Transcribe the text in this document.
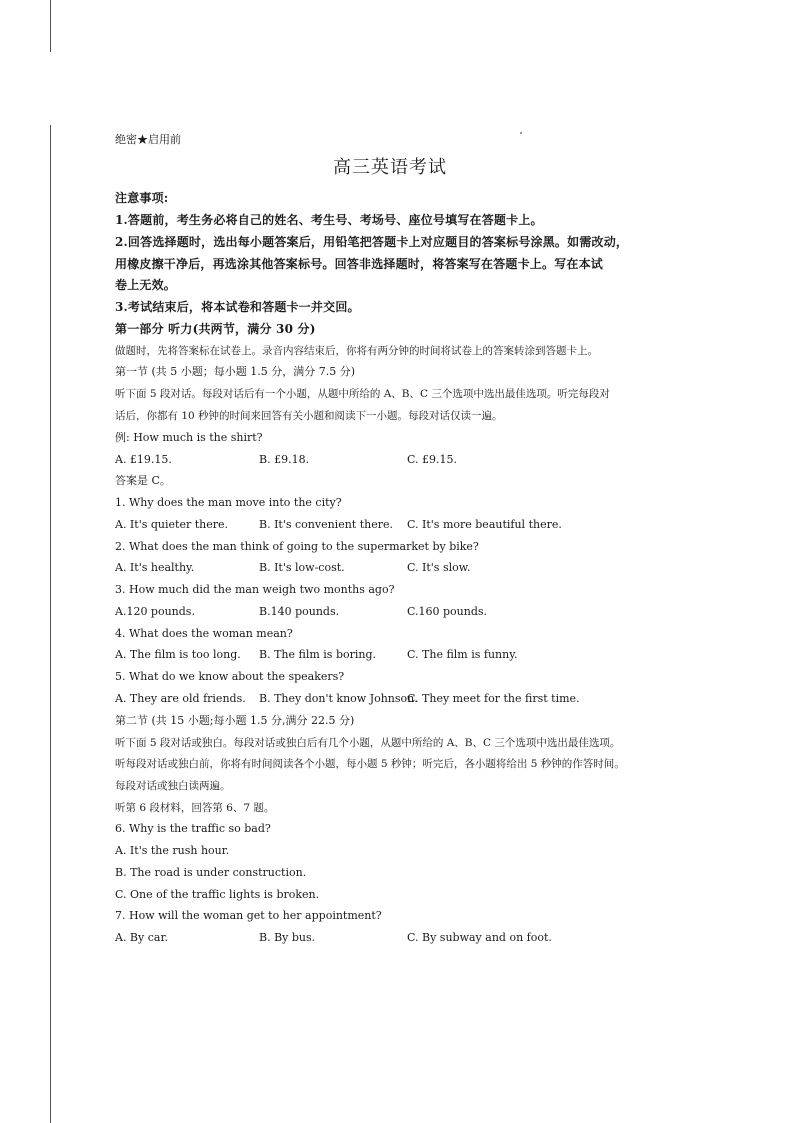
绝密★启用前
高三英语考试
注意事项:
1.答题前，考生务必将自己的姓名、考生号、考场号、座位号填写在答题卡上。
2.回答选择题时，选出每小题答案后，用铅笔把答题卡上对应题目的答案标号涂黑。如需改动，
用橡皮擦干净后，再选涂其他答案标号。回答非选择题时，将答案写在答题卡上。写在本试
卷上无效。
3.考试结束后，将本试卷和答题卡一并交回。
第一部分 听力(共两节，满分 30 分)
做题时，先将答案标在试卷上。录音内容结束后，你将有两分钟的时间将试卷上的答案转涂到答题卡上。
第一节 (共 5 小题；每小题 1.5 分，满分 7.5 分)
听下面 5 段对话。每段对话后有一个小题，从题中所给的 A、B、C 三个选项中选出最佳选项。听完每段对
话后，你都有 10 秒钟的时间来回答有关小题和阅读下一小题。每段对话仅读一遍。
例: How much is the shirt?
A. £19.15.	B. £9.18.	C. £9.15.
答案是 C。
1. Why does the man move into the city?
A. It's quieter there.	B. It's convenient there. C. It's more beautiful there.
2. What does the man think of going to the supermarket by bike?
A. It's healthy.	B. It's low-cost.	C. It's slow.
3. How much did the man weigh two months ago?
A.120 pounds.	B.140 pounds.	C.160 pounds.
4. What does the woman mean?
A. The film is too long. B. The film is boring.	C. The film is funny.
5. What do we know about the speakers?
A. They are old friends. B. They don't know Johnson.
C. They meet for the first time.
第二节 (共 15 小题;每小题 1.5 分,满分 22.5 分)
听下面 5 段对话或独白。每段对话或独白后有几个小题，从题中所给的 A、B、C 三个选项中选出最佳选项。
听每段对话或独白前，你将有时间阅读各个小题，每小题 5 秒钟；听完后，各小题将给出 5 秒钟的作答时间。
每段对话或独白读两遍。
听第 6 段材料，回答第 6、7 题。
6. Why is the traffic so bad?
A. It's the rush hour.
B. The road is under construction.
C. One of the traffic lights is broken.
7. How will the woman get to her appointment?
A. By car.	B. By bus.	C. By subway and on foot.
